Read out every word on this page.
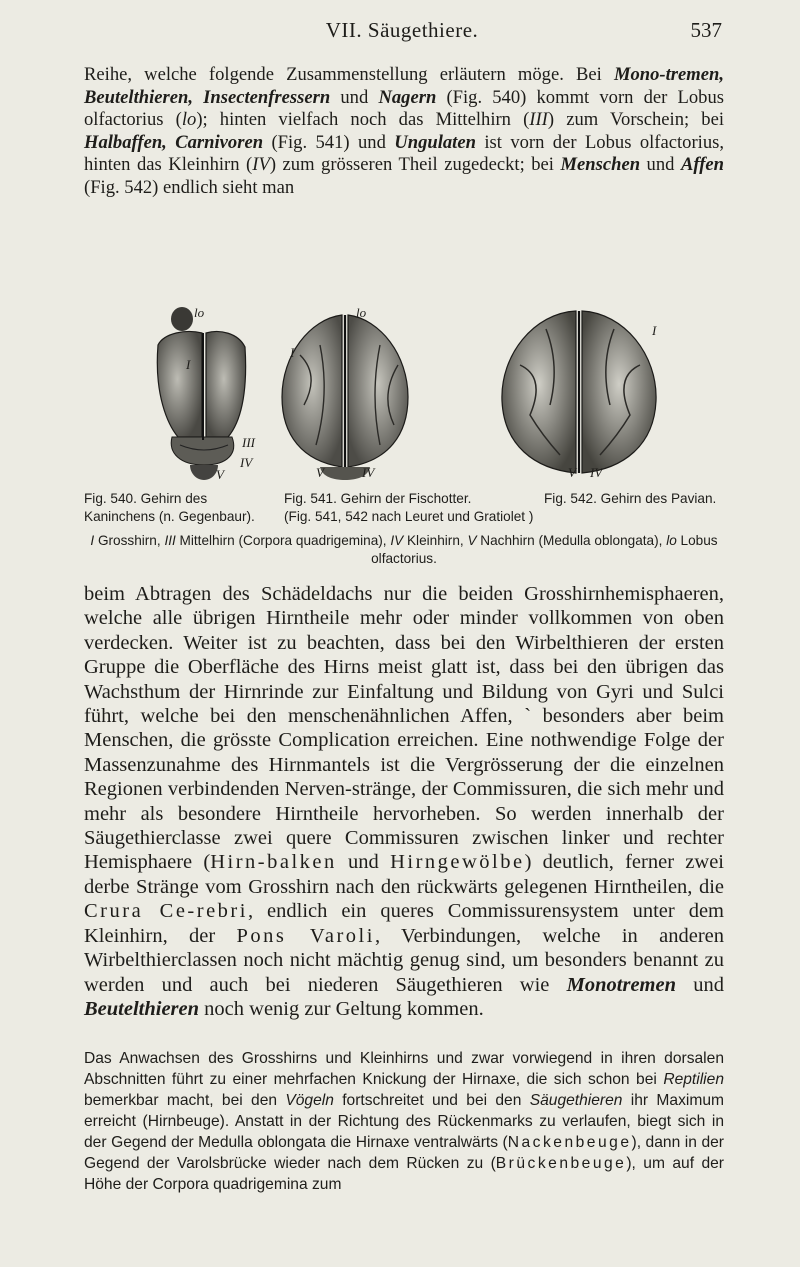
VII. Säugethiere.	537
Reihe, welche folgende Zusammenstellung erläutern möge. Bei Mono-tremen, Beutelthieren, Insectenfressern und Nagern (Fig. 540) kommt vorn der Lobus olfactorius (lo); hinten vielfach noch das Mittelhirn (III) zum Vorschein; bei Halbaffen, Carnivoren (Fig. 541) und Ungulaten ist vorn der Lobus olfactorius, hinten das Kleinhirn (IV) zum grösseren Theil zugedeckt; bei Menschen und Affen (Fig. 542) endlich sieht man
lo
I
III
IV
V
lo
I
V	IV
I
V IV
Fig. 540. Gehirn des
Kaninchens (n. Gegenbaur).
Fig. 541. Gehirn der Fischotter.
(Fig. 541, 542 nach Leuret und Gratiolet )
Fig. 542. Gehirn des Pavian.
I Grosshirn, III Mittelhirn (Corpora quadrigemina), IV Kleinhirn, V Nachhirn (Medulla oblongata), lo Lobus olfactorius.
beim Abtragen des Schädeldachs nur die beiden Grosshirnhemisphaeren, welche alle übrigen Hirntheile mehr oder minder vollkommen von oben verdecken. Weiter ist zu beachten, dass bei den Wirbelthieren der ersten Gruppe die Oberfläche des Hirns meist glatt ist, dass bei den übrigen das Wachsthum der Hirnrinde zur Einfaltung und Bildung von Gyri und Sulci führt, welche bei den menschenähnlichen Affen, ` besonders aber beim Menschen, die grösste Complication erreichen. Eine nothwendige Folge der Massenzunahme des Hirnmantels ist die Vergrösserung der die einzelnen Regionen verbindenden Nerven-stränge, der Commissuren, die sich mehr und mehr als besondere Hirntheile hervorheben. So werden innerhalb der Säugethierclasse zwei quere Commissuren zwischen linker und rechter Hemisphaere (Hirn-balken und Hirngewölbe) deutlich, ferner zwei derbe Stränge vom Grosshirn nach den rückwärts gelegenen Hirntheilen, die Crura Ce-rebri, endlich ein queres Commissurensystem unter dem Kleinhirn, der Pons Varoli, Verbindungen, welche in anderen Wirbelthierclassen noch nicht mächtig genug sind, um besonders benannt zu werden und auch bei niederen Säugethieren wie Monotremen und Beutelthieren noch wenig zur Geltung kommen.
Das Anwachsen des Grosshirns und Kleinhirns und zwar vorwiegend in ihren dorsalen Abschnitten führt zu einer mehrfachen Knickung der Hirnaxe, die sich schon bei Reptilien bemerkbar macht, bei den Vögeln fortschreitet und bei den Säugethieren ihr Maximum erreicht (Hirnbeuge). Anstatt in der Richtung des Rückenmarks zu verlaufen, biegt sich in der Gegend der Medulla oblongata die Hirnaxe ventralwärts (Nackenbeuge), dann in der Gegend der Varolsbrücke wieder nach dem Rücken zu (Brückenbeuge), um auf der Höhe der Corpora quadrigemina zum
